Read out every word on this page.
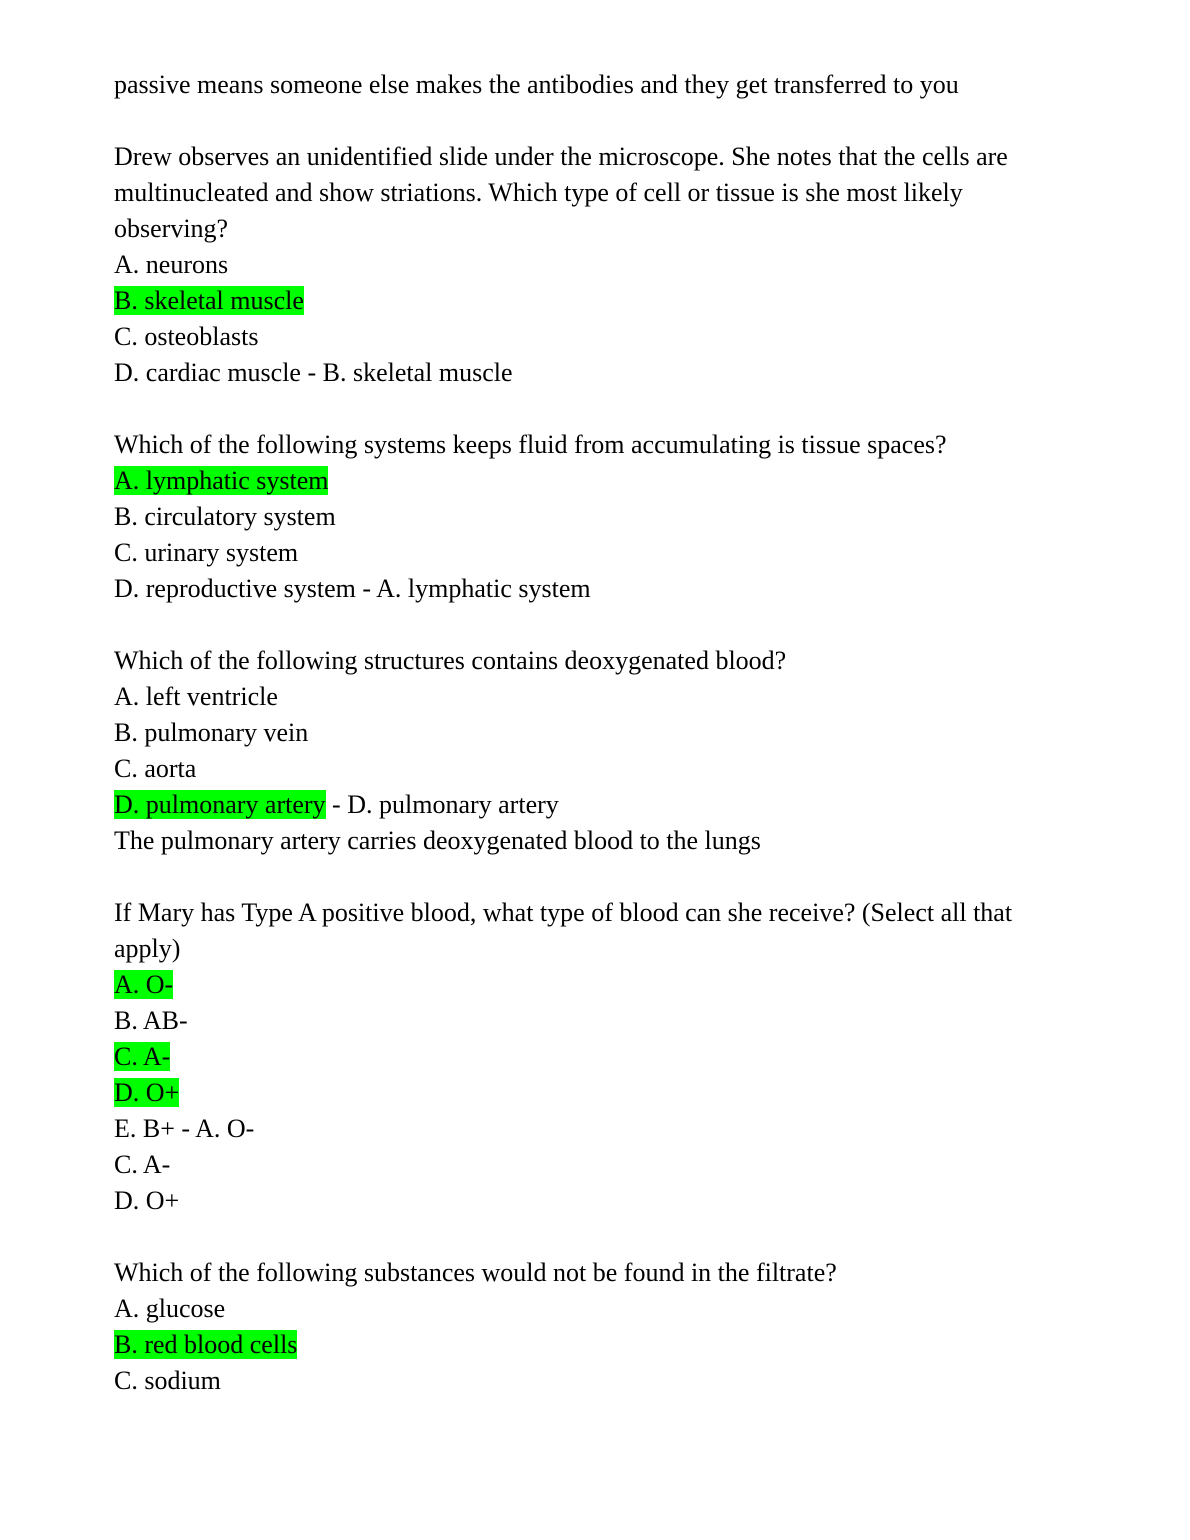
passive means someone else makes the antibodies and they get transferred to you
Drew observes an unidentified slide under the microscope. She notes that the cells are multinucleated and show striations. Which type of cell or tissue is she most likely observing?
A. neurons
B. skeletal muscle
C. osteoblasts
D. cardiac muscle - B. skeletal muscle
Which of the following systems keeps fluid from accumulating is tissue spaces?
A. lymphatic system
B. circulatory system
C. urinary system
D. reproductive system - A. lymphatic system
Which of the following structures contains deoxygenated blood?
A. left ventricle
B. pulmonary vein
C. aorta
D. pulmonary artery - D. pulmonary artery
The pulmonary artery carries deoxygenated blood to the lungs
If Mary has Type A positive blood, what type of blood can she receive? (Select all that apply)
A. O-
B. AB-
C. A-
D. O+
E. B+ - A. O-
C. A-
D. O+
Which of the following substances would not be found in the filtrate?
A. glucose
B. red blood cells
C. sodium
